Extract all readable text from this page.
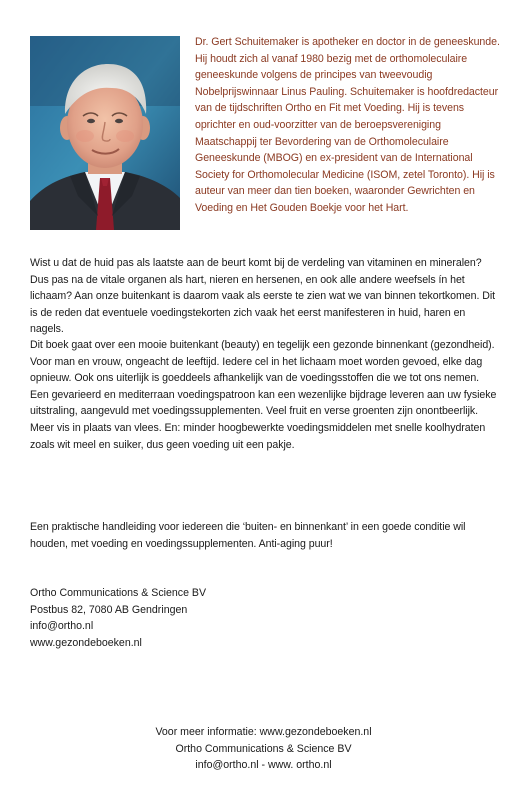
Dr. Gert Schuitemaker is apotheker en doctor in de geneeskunde. Hij houdt zich al vanaf 1980 bezig met de orthomoleculaire geneeskunde volgens de principes van tweevoudig Nobelprijswinnaar Linus Pauling. Schuitemaker is hoofdredacteur van de tijdschriften Ortho en Fit met Voeding. Hij is tevens oprichter en oud-voorzitter van de beroepsvereniging Maatschappij ter Bevordering van de Orthomoleculaire Geneeskunde (MBOG) en ex-president van de International Society for Orthomolecular Medicine (ISOM, zetel Toronto). Hij is auteur van meer dan tien boeken, waaronder Gewrichten en Voeding en Het Gouden Boekje voor het Hart.

Wist u dat de huid pas als laatste aan de beurt komt bij de verdeling van vitaminen en mineralen? Dus pas na de vitale organen als hart, nieren en hersenen, en ook alle andere weefsels ín het lichaam? Aan onze buitenkant is daarom vaak als eerste te zien wat we van binnen tekortkomen. Dit is de reden dat eventuele voedingstekorten zich vaak het eerst manifesteren in huid, haren en nagels.

Dit boek gaat over een mooie buitenkant (beauty) en tegelijk een gezonde binnenkant (gezondheid). Voor man en vrouw, ongeacht de leeftijd. Iedere cel in het lichaam moet worden gevoed, elke dag opnieuw. Ook ons uiterlijk is goeddeels afhankelijk van de voedingsstoffen die we tot ons nemen. Een gevarieerd en mediterraan voedingspatroon kan een wezenlijke bijdrage leveren aan uw fysieke uitstraling, aangevuld met voedingssupplementen. Veel fruit en verse groenten zijn onontbeerlijk. Meer vis in plaats van vlees. En: minder hoogbewerkte voedingsmiddelen met snelle koolhydraten zoals wit meel en suiker, dus geen voeding uit een pakje.

Een praktische handleiding voor iedereen die ‘buiten- en binnenkant’ in een goede conditie wil houden, met voeding en voedingssupplementen. Anti-aging puur!

Ortho Communications & Science BV
Postbus 82, 7080 AB Gendringen
info@ortho.nl
www.gezondeboeken.nl
Voor meer informatie: www.gezondeboeken.nl
Ortho Communications & Science BV
info@ortho.nl - www. ortho.nl
